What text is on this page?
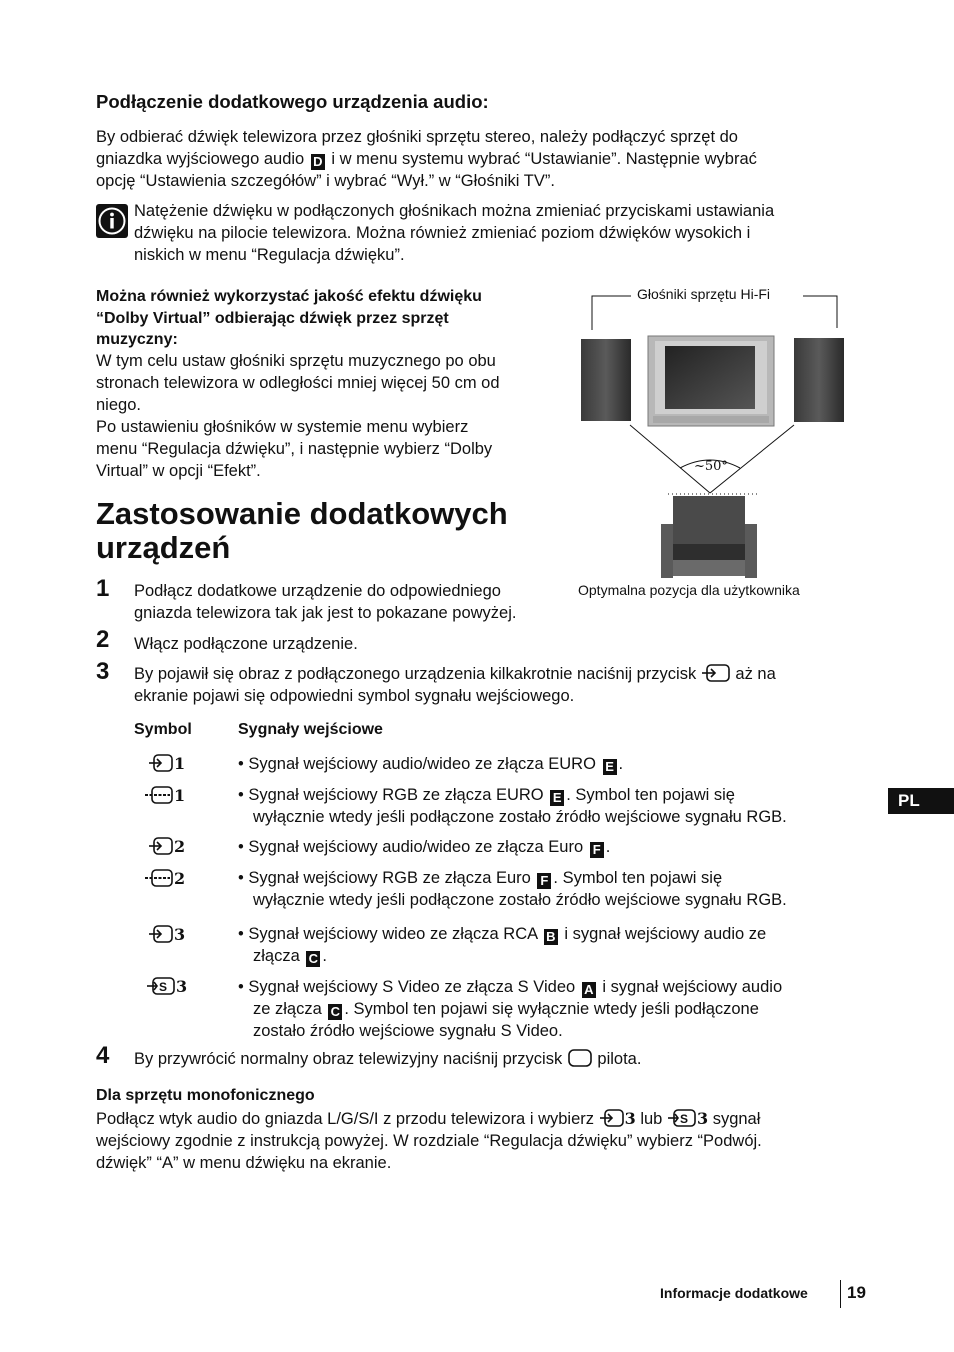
Podłączenie dodatkowego urządzenia audio:
By odbierać dźwięk telewizora przez głośniki sprzętu stereo, należy podłączyć sprzęt do
gniazdka wyjściowego audio D i w menu systemu wybrać “Ustawianie”. Następnie wybrać
opcję “Ustawienia szczegółów” i wybrać “Wył.” w “Głośniki TV”.
Natężenie dźwięku w podłączonych głośnikach można zmieniać przyciskami ustawiania
dźwięku na pilocie telewizora. Można również zmieniać poziom dźwięków wysokich i
niskich w menu “Regulacja dźwięku”.
Można również wykorzystać jakość efektu dźwięku
“Dolby Virtual” odbierając dźwięk przez sprzęt
muzyczny:
W tym celu ustaw głośniki sprzętu muzycznego po obu
stronach telewizora w odległości mniej więcej 50 cm od
niego.
Po ustawieniu głośników w systemie menu wybierz
menu “Regulacja dźwięku”, i następnie wybierz “Dolby
Virtual” w opcji “Efekt”.
Głośniki sprzętu Hi-Fi
~50°
Optymalna pozycja dla użytkownika
Zastosowanie dodatkowych
urządzeń
1 Podłącz dodatkowe urządzenie do odpowiedniego
gniazda telewizora tak jak jest to pokazane powyżej.
2 Włącz podłączone urządzenie.
3 By pojawił się obraz z podłączonego urządzenia kilkakrotnie naciśnij przycisk aż na
ekranie pojawi się odpowiedni symbol sygnału wejściowego.
Symbol	Sygnały wejściowe
1	• Sygnał wejściowy audio/wideo ze złącza EURO E .
1	• Sygnał wejściowy RGB ze złącza EURO E . Symbol ten pojawi się
wyłącznie wtedy jeśli podłączone zostało źródło wejściowe sygnału RGB.
2	• Sygnał wejściowy audio/wideo ze złącza Euro F .
2	• Sygnał wejściowy RGB ze złącza Euro F . Symbol ten pojawi się
wyłącznie wtedy jeśli podłączone zostało źródło wejściowe sygnału RGB.
3	• Sygnał wejściowy wideo ze złącza RCA B i sygnał wejściowy audio ze
złącza C .
S 3	• Sygnał wejściowy S Video ze złącza S Video A i sygnał wejściowy audio
ze złącza C . Symbol ten pojawi się wyłącznie wtedy jeśli podłączone
zostało źródło wejściowe sygnału S Video.
4 By przywrócić normalny obraz telewizyjny naciśnij przycisk pilota.
Dla sprzętu monofonicznego
Podłącz wtyk audio do gniazda L/G/S/I z przodu telewizora i wybierz 3 lub S 3 sygnał
wejściowy zgodnie z instrukcją powyżej. W rozdziale “Regulacja dźwięku” wybierz “Podwój.
dźwięk” “A” w menu dźwięku na ekranie.
PL
Informacje dodatkowe 19
